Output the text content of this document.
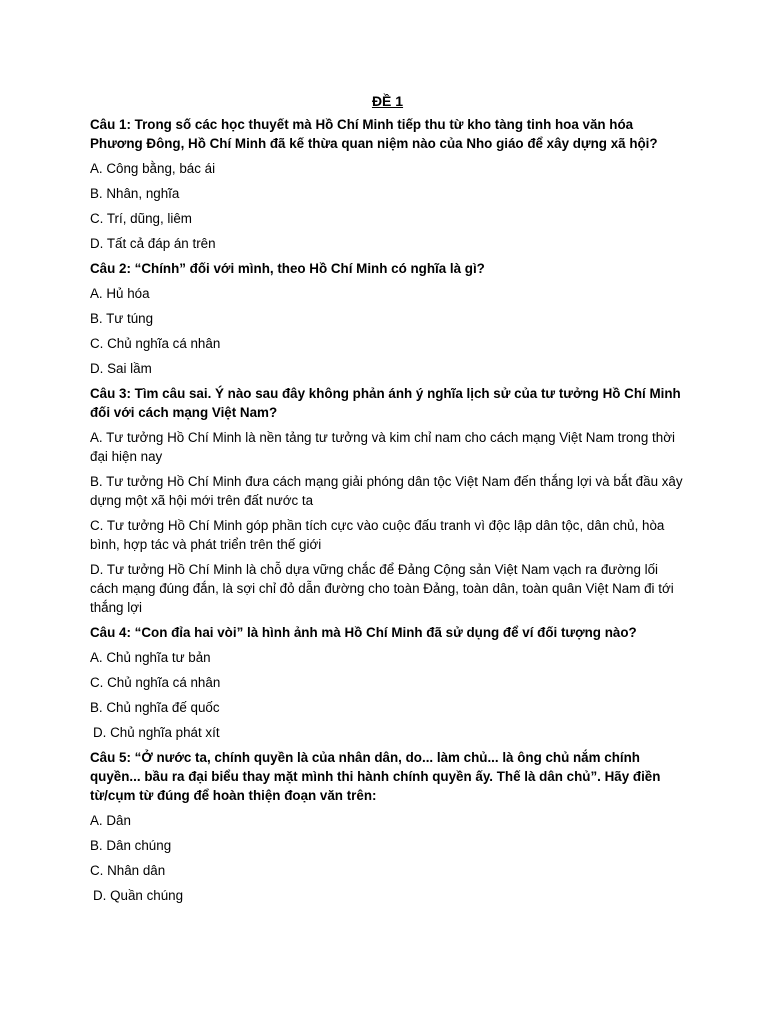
ĐỀ 1
Câu 1: Trong số các học thuyết mà Hồ Chí Minh tiếp thu từ kho tàng tinh hoa văn hóa Phương Đông, Hồ Chí Minh đã kế thừa quan niệm nào của Nho giáo để xây dựng xã hội?
A. Công bằng, bác ái
B. Nhân, nghĩa
C. Trí, dũng, liêm
D. Tất cả đáp án trên
Câu 2: “Chính” đối với mình, theo Hồ Chí Minh có nghĩa là gì?
A. Hủ hóa
B. Tư túng
C. Chủ nghĩa cá nhân
D. Sai lầm
Câu 3: Tìm câu sai. Ý nào sau đây không phản ánh ý nghĩa lịch sử của tư tưởng Hồ Chí Minh đối với cách mạng Việt Nam?
A. Tư tưởng Hồ Chí Minh là nền tảng tư tưởng và kim chỉ nam cho cách mạng Việt Nam trong thời đại hiện nay
B. Tư tưởng Hồ Chí Minh đưa cách mạng giải phóng dân tộc Việt Nam đến thắng lợi và bắt đầu xây dựng một xã hội mới trên đất nước ta
C. Tư tưởng Hồ Chí Minh góp phần tích cực vào cuộc đấu tranh vì độc lập dân tộc, dân chủ, hòa bình, hợp tác và phát triển trên thế giới
D. Tư tưởng Hồ Chí Minh là chỗ dựa vững chắc để Đảng Cộng sản Việt Nam vạch ra đường lối cách mạng đúng đắn, là sợi chỉ đỏ dẫn đường cho toàn Đảng, toàn dân, toàn quân Việt Nam đi tới thắng lợi
Câu 4: “Con đỉa hai vòi” là hình ảnh mà Hồ Chí Minh đã sử dụng để ví đối tượng nào?
A. Chủ nghĩa tư bản
C. Chủ nghĩa cá nhân
B. Chủ nghĩa đế quốc
D. Chủ nghĩa phát xít
Câu 5: “Ở nước ta, chính quyền là của nhân dân, do... làm chủ... là ông chủ nắm chính quyền... bầu ra đại biểu thay mặt mình thi hành chính quyền ấy. Thế là dân chủ”. Hãy điền từ/cụm từ đúng để hoàn thiện đoạn văn trên:
A. Dân
B. Dân chúng
C. Nhân dân
D. Quần chúng
